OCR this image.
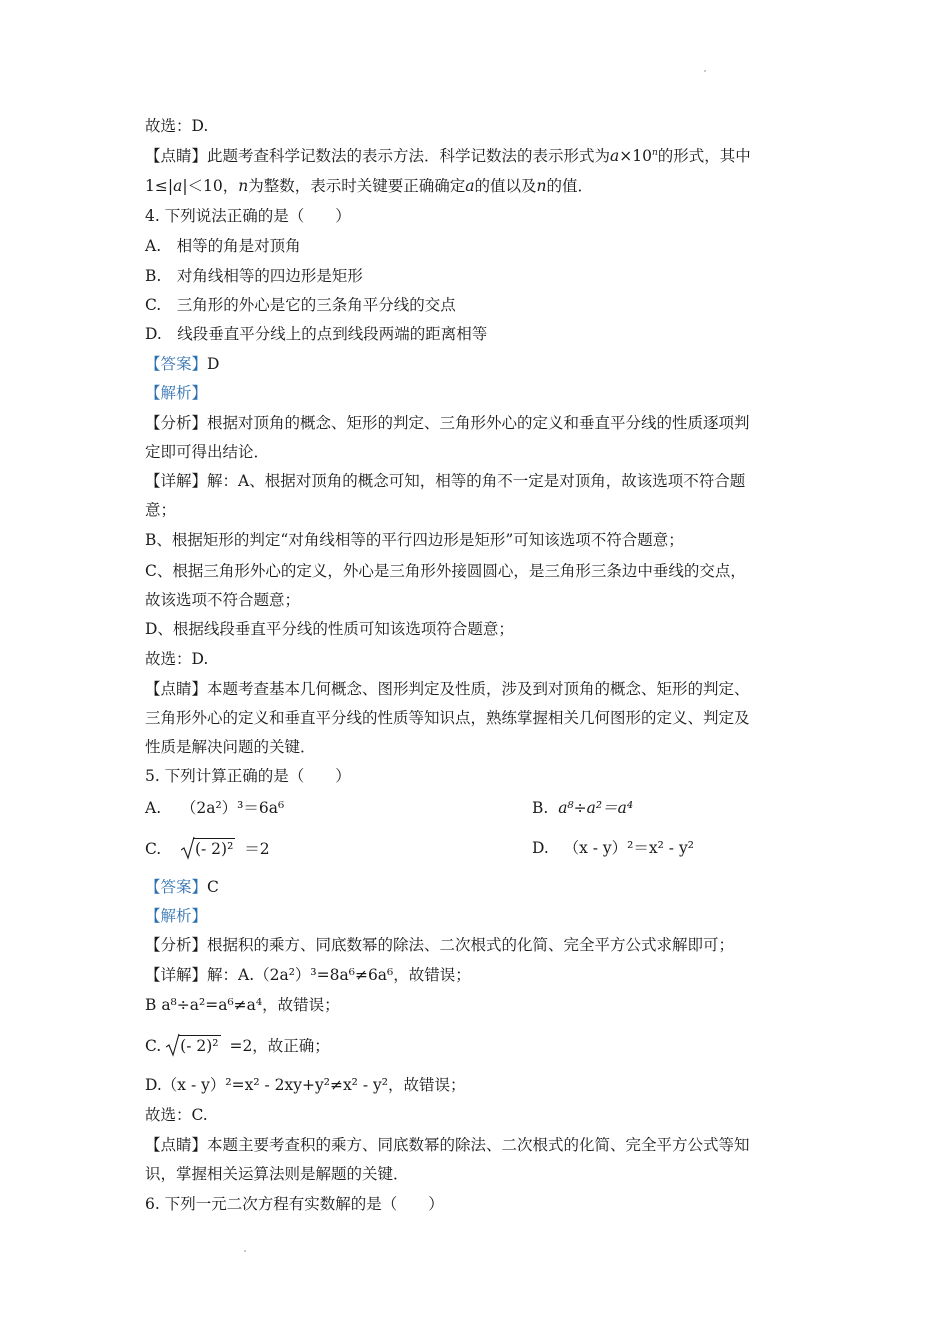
故选：D.
【点睛】此题考查科学记数法的表示方法．科学记数法的表示形式为$a\times 10^n$的形式，其中
1≤|a|＜10，n为整数，表示时关键要正确确定a的值以及n的值．
4. 下列说法正确的是（　　）
A.　相等的角是对顶角
B.　对角线相等的四边形是矩形
C.　三角形的外心是它的三条角平分线的交点
D.　线段垂直平分线上的点到线段两端的距离相等
【答案】D
【解析】
【分析】根据对顶角的概念、矩形的判定、三角形外心的定义和垂直平分线的性质逐项判
定即可得出结论．
【详解】解：A、根据对顶角的概念可知，相等的角不一定是对顶角，故该选项不符合题
意；
B、根据矩形的判定“对角线相等的平行四边形是矩形”可知该选项不符合题意；
C、根据三角形外心的定义，外心是三角形外接圆圆心，是三角形三条边中垂线的交点，
故该选项不符合题意；
D、根据线段垂直平分线的性质可知该选项符合题意；
故选：D.
【点睛】本题考查基本几何概念、图形判定及性质，涉及到对顶角的概念、矩形的判定、
三角形外心的定义和垂直平分线的性质等知识点，熟练掌握相关几何图形的定义、判定及
性质是解决问题的关键．
5. 下列计算正确的是（　　）
A. （2a²）³＝6a⁶	B. a⁸÷a²＝a⁴
C. (- 2)² ＝2	D. （x - y）²＝x² - y²
【答案】C
【解析】
【分析】根据积的乘方、同底数幂的除法、二次根式的化简、完全平方公式求解即可；
【详解】解：A.（2a²）³=8a⁶≠6a⁶，故错误；
B a⁸÷a²=a⁶≠a⁴，故错误；
C. (- 2)² =2，故正确；
D.（x - y）²=x² - 2xy+y²≠x² - y²，故错误；
故选：C.
【点睛】本题主要考查积的乘方、同底数幂的除法、二次根式的化简、完全平方公式等知
识，掌握相关运算法则是解题的关键．
6. 下列一元二次方程有实数解的是（　　）
